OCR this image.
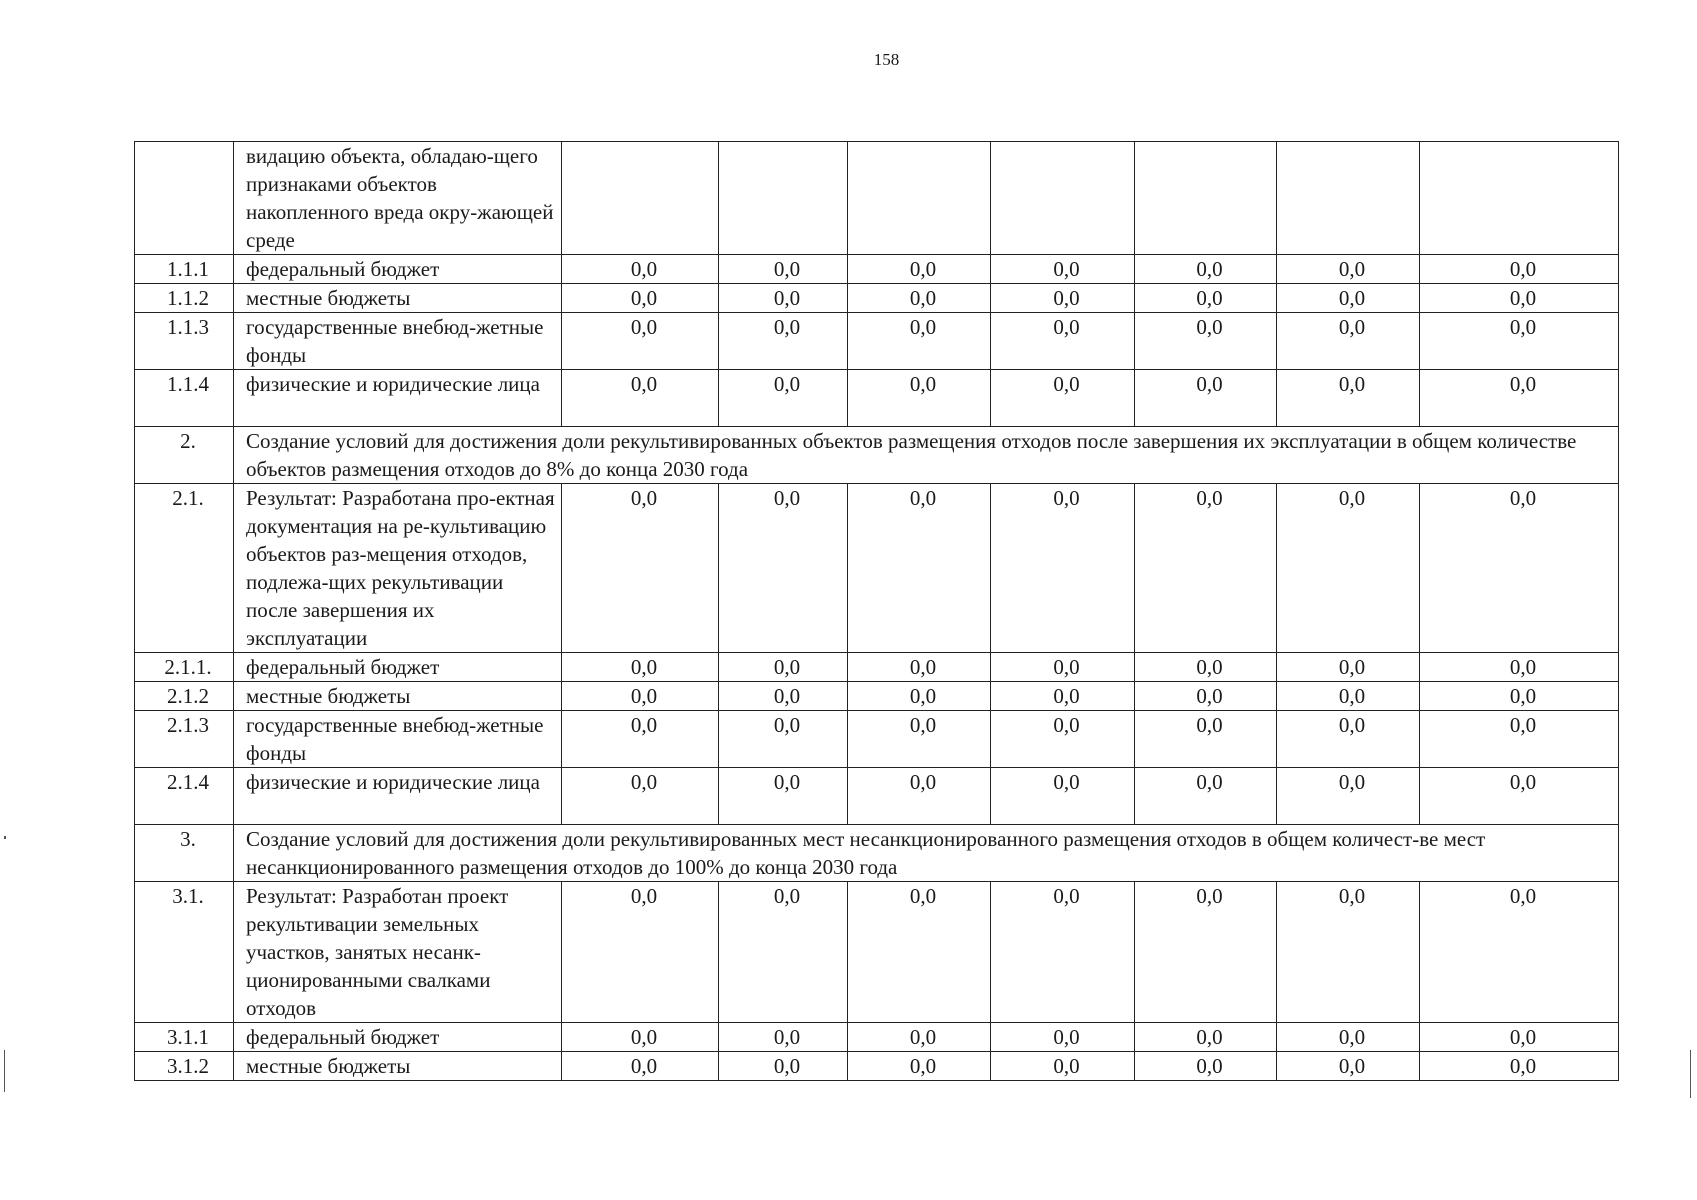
158
	видацию объекта, обладаю-щего признаками объектов накопленного вреда окру-жающей среде							
1.1.1	федеральный бюджет	0,0	0,0	0,0	0,0	0,0	0,0	0,0
1.1.2	местные бюджеты	0,0	0,0	0,0	0,0	0,0	0,0	0,0
1.1.3	государственные внебюд-жетные фонды	0,0	0,0	0,0	0,0	0,0	0,0	0,0
1.1.4	физические и юридические лица	0,0	0,0	0,0	0,0	0,0	0,0	0,0
2.	Создание условий для достижения доли рекультивированных объектов размещения отходов после завершения их эксплуатации в общем количестве объектов размещения отходов до 8% до конца 2030 года							
2.1.	Результат: Разработана про-ектная документация на ре-культивацию объектов раз-мещения отходов, подлежа-щих рекультивации после завершения их эксплуатации	0,0	0,0	0,0	0,0	0,0	0,0	0,0
2.1.1.	федеральный бюджет	0,0	0,0	0,0	0,0	0,0	0,0	0,0
2.1.2	местные бюджеты	0,0	0,0	0,0	0,0	0,0	0,0	0,0
2.1.3	государственные внебюд-жетные фонды	0,0	0,0	0,0	0,0	0,0	0,0	0,0
2.1.4	физические и юридические лица	0,0	0,0	0,0	0,0	0,0	0,0	0,0
3.	Создание условий для достижения доли рекультивированных мест несанкционированного размещения отходов в общем количест-ве мест несанкционированного размещения отходов до 100% до конца 2030 года							
3.1.	Результат: Разработан проект рекультивации земельных участков, занятых несанк-ционированными свалками отходов	0,0	0,0	0,0	0,0	0,0	0,0	0,0
3.1.1	федеральный бюджет	0,0	0,0	0,0	0,0	0,0	0,0	0,0
3.1.2	местные бюджеты	0,0	0,0	0,0	0,0	0,0	0,0	0,0
